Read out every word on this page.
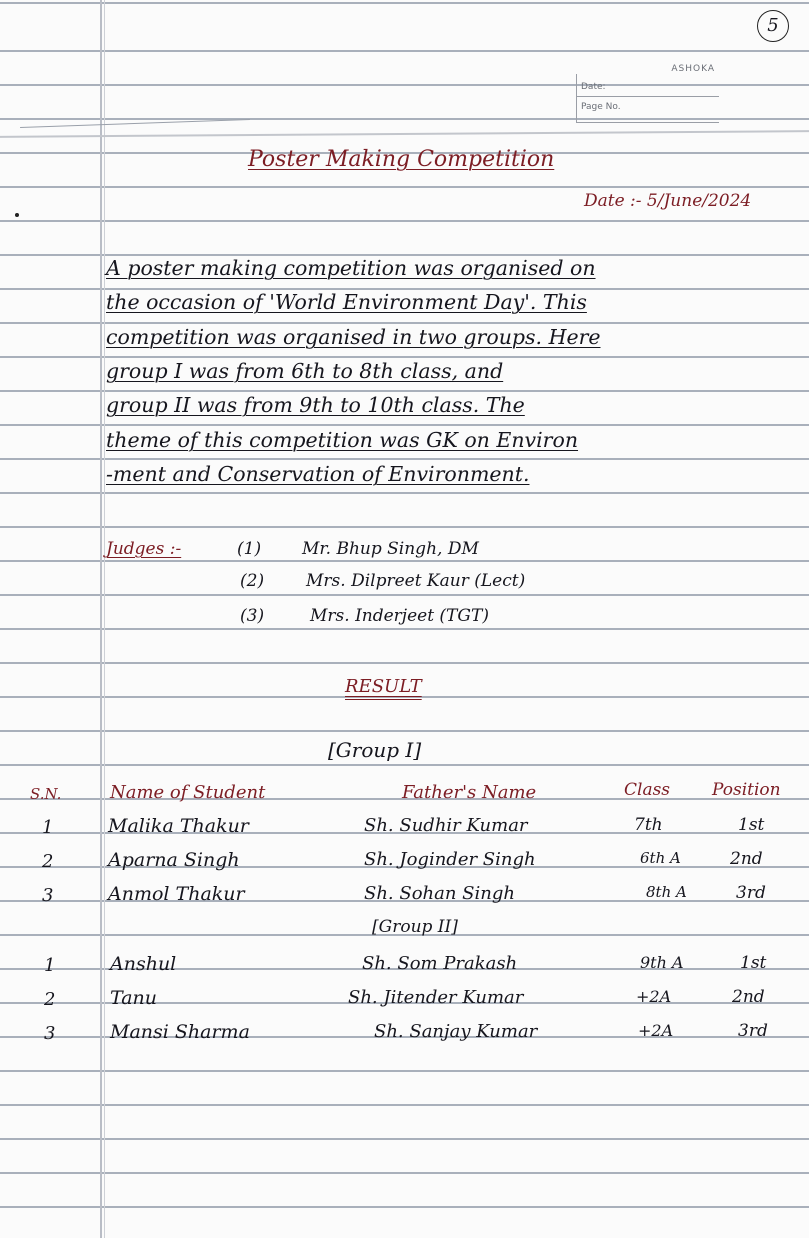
5
ASHOKA
Date:
Page No.
Poster Making Competition
Date :- 5/June/2024
A poster making competition was organised on
the occasion of 'World Environment Day'. This
competition was organised in two groups. Here
group I was from 6th to 8th class, and
group II was from 9th to 10th class. The
theme of this competition was GK on Environ
-ment and Conservation of Environment.
Judges :-	(1) Mr. Bhup Singh, DM
(2) Mrs. Dilpreet Kaur (Lect)
(3)	Mrs. Inderjeet (TGT)
RESULT
[Group I]
S.N.	Name of Student	Father's Name	Class Position
1	Malika Thakur	Sh. Sudhir Kumar	7th	1st
2	Aparna Singh	Sh. Joginder Singh	6th A	2nd
3	Anmol Thakur	Sh. Sohan Singh	8th A	3rd
[Group II]
1	Anshul	Sh. Som Prakash	9th A	1st
2	Tanu	Sh. Jitender Kumar	+2A	2nd
3	Mansi Sharma	Sh. Sanjay Kumar	+2A	3rd
